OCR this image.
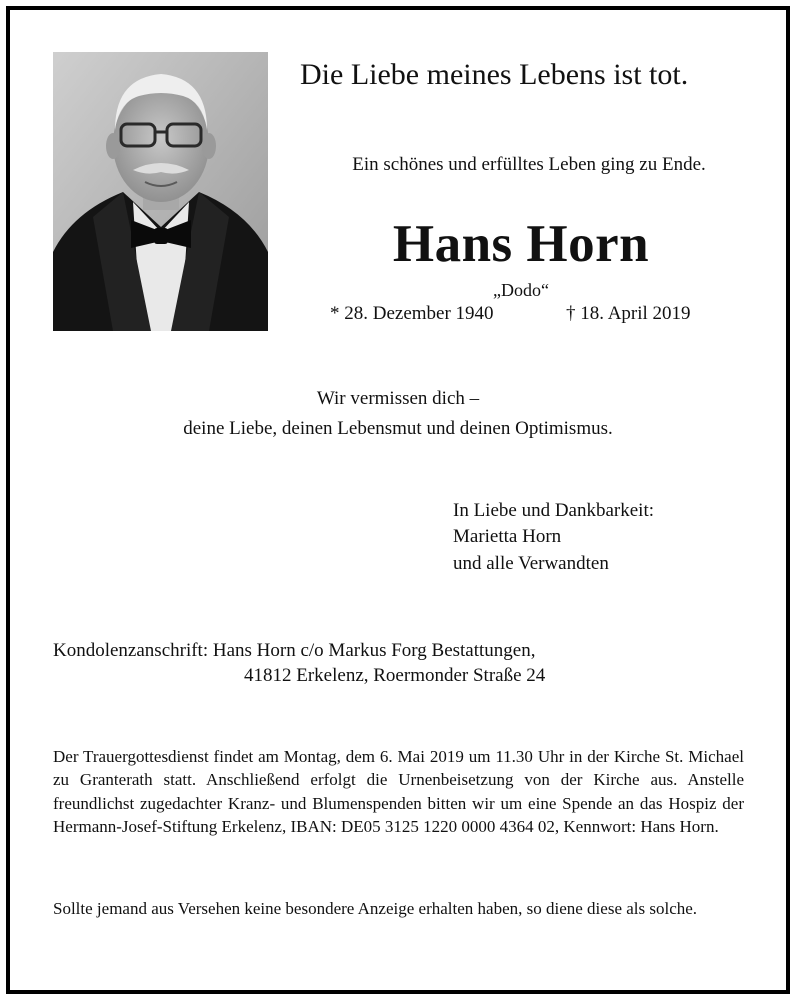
Die Liebe meines Lebens ist tot.
Ein schönes und erfülltes Leben ging zu Ende.
Hans Horn
„Dodo“
* 28. Dezember 1940	† 18. April 2019
Wir vermissen dich –
deine Liebe, deinen Lebensmut und deinen Optimismus.
In Liebe und Dankbarkeit:
Marietta Horn
und alle Verwandten
Kondolenzanschrift: Hans Horn c/o Markus Forg Bestattungen,
41812 Erkelenz, Roermonder Straße 24
Der Trauergottesdienst findet am Montag, dem 6. Mai 2019 um 11.30 Uhr in der Kirche St. Michael zu Granterath statt. Anschließend erfolgt die Urnenbeisetzung von der Kirche aus. Anstelle freundlichst zugedachter Kranz- und Blumenspenden bitten wir um eine Spende an das Hospiz der Hermann-Josef-Stiftung Erkelenz, IBAN: DE05 3125 1220 0000 4364 02, Kennwort: Hans Horn.
Sollte jemand aus Versehen keine besondere Anzeige erhalten haben, so diene diese als solche.
